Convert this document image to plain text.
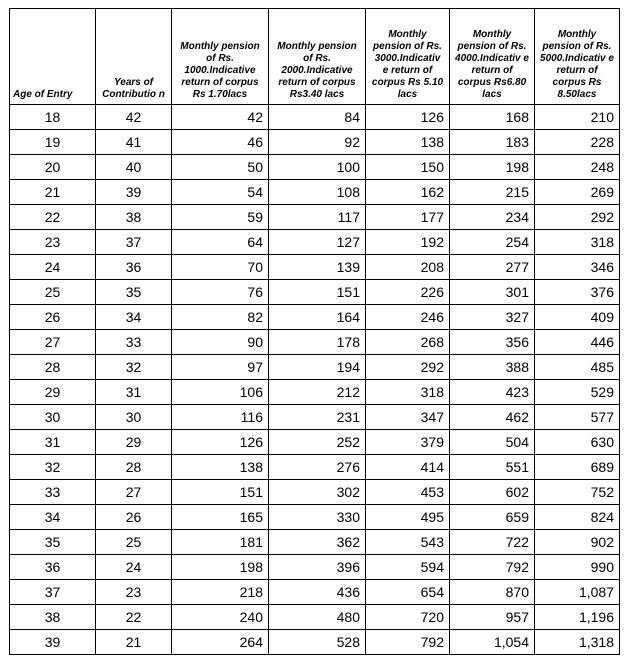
Age of Entry	Years of Contributio n	Monthly pension of Rs. 1000.Indicative return of corpus Rs 1.70lacs	Monthly pension of Rs. 2000.Indicative return of corpus Rs3.40 lacs	Monthly pension of Rs. 3000.Indicativ e return of corpus Rs 5.10 lacs	Monthly pension of Rs. 4000.Indicativ e return of corpus Rs6.80 lacs	Monthly pension of Rs. 5000.Indicativ e return of corpus Rs 8.50lacs
18	42	42	84	126	168	210
19	41	46	92	138	183	228
20	40	50	100	150	198	248
21	39	54	108	162	215	269
22	38	59	117	177	234	292
23	37	64	127	192	254	318
24	36	70	139	208	277	346
25	35	76	151	226	301	376
26	34	82	164	246	327	409
27	33	90	178	268	356	446
28	32	97	194	292	388	485
29	31	106	212	318	423	529
30	30	116	231	347	462	577
31	29	126	252	379	504	630
32	28	138	276	414	551	689
33	27	151	302	453	602	752
34	26	165	330	495	659	824
35	25	181	362	543	722	902
36	24	198	396	594	792	990
37	23	218	436	654	870	1,087
38	22	240	480	720	957	1,196
39	21	264	528	792	1,054	1,318
